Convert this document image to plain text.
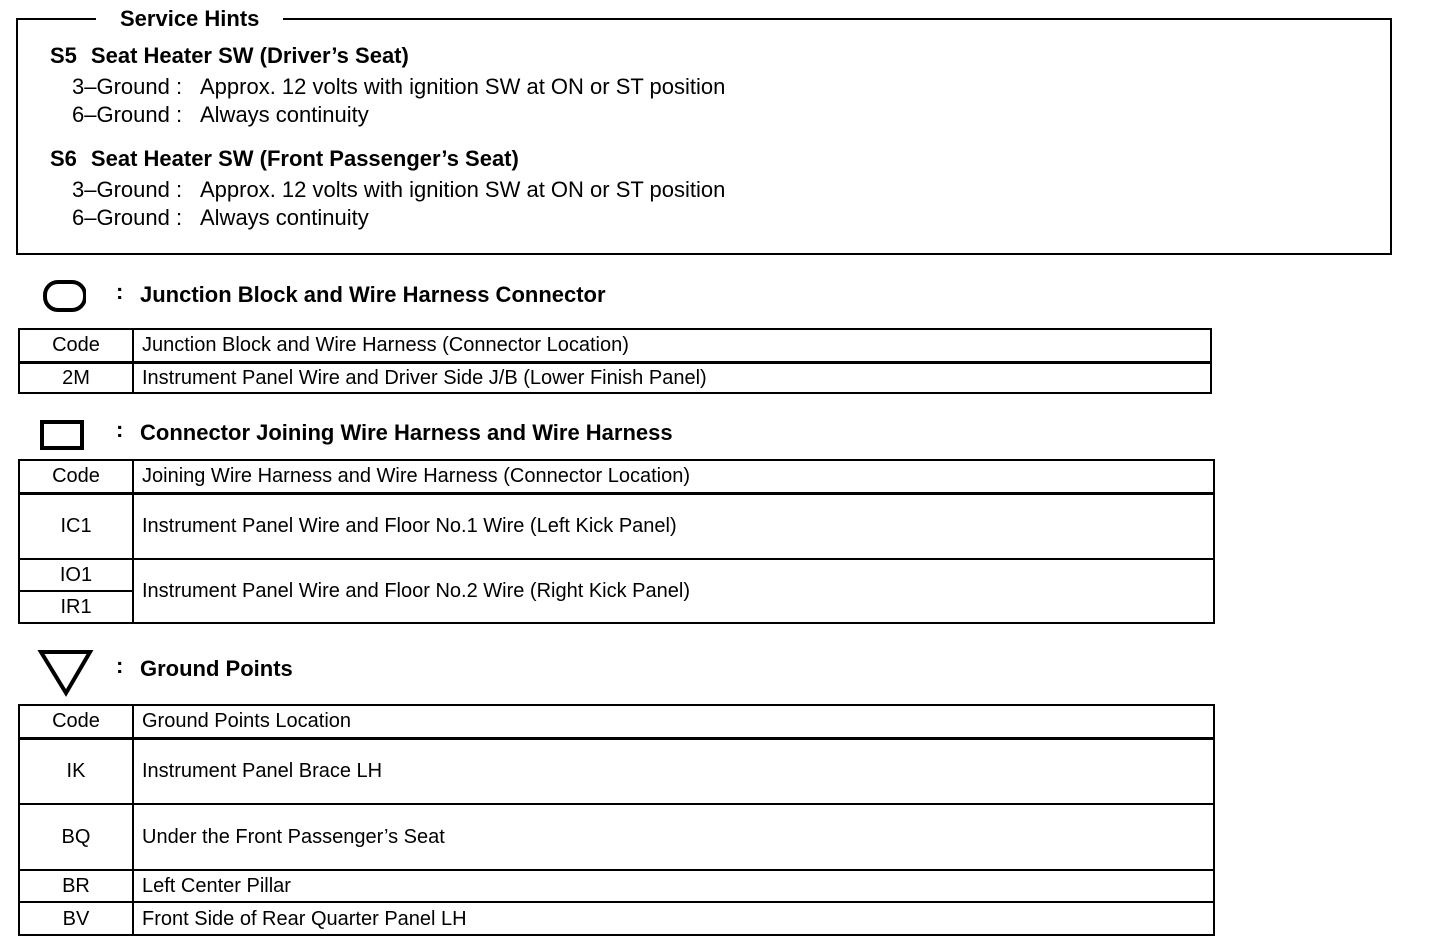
Service Hints
S5 Seat Heater SW (Driver’s Seat)
3–Ground : Approx. 12 volts with ignition SW at ON or ST position
6–Ground : Always continuity
S6 Seat Heater SW (Front Passenger’s Seat)
3–Ground : Approx. 12 volts with ignition SW at ON or ST position
6–Ground : Always continuity
: Junction Block and Wire Harness Connector
Code	Junction Block and Wire Harness (Connector Location)
2M	Instrument Panel Wire and Driver Side J/B (Lower Finish Panel)
: Connector Joining Wire Harness and Wire Harness
Code	Joining Wire Harness and Wire Harness (Connector Location)
IC1	Instrument Panel Wire and Floor No.1 Wire (Left Kick Panel)
IO1	Instrument Panel Wire and Floor No.2 Wire (Right Kick Panel)
IR1	
: Ground Points
Code	Ground Points Location
IK	Instrument Panel Brace LH
BQ	Under the Front Passenger’s Seat
BR	Left Center Pillar
BV	Front Side of Rear Quarter Panel LH
